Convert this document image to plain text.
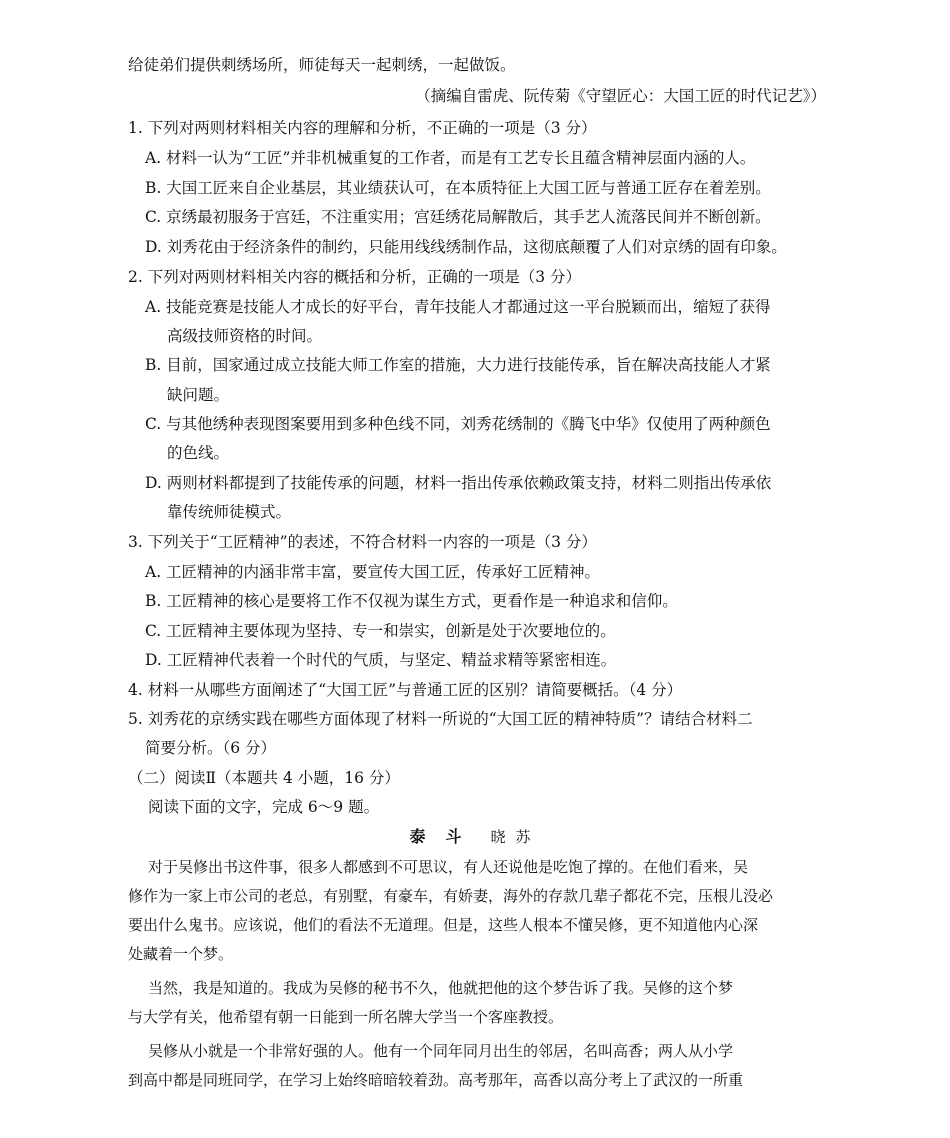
给徒弟们提供刺绣场所，师徒每天一起刺绣，一起做饭。
（摘编自雷虎、阮传菊《守望匠心：大国工匠的时代记艺》）
1. 下列对两则材料相关内容的理解和分析，不正确的一项是（3 分）
A. 材料一认为“工匠”并非机械重复的工作者，而是有工艺专长且蕴含精神层面内涵的人。
B. 大国工匠来自企业基层，其业绩获认可，在本质特征上大国工匠与普通工匠存在着差别。
C. 京绣最初服务于宫廷，不注重实用；宫廷绣花局解散后，其手艺人流落民间并不断创新。
D. 刘秀花由于经济条件的制约，只能用线线绣制作品，这彻底颠覆了人们对京绣的固有印象。
2. 下列对两则材料相关内容的概括和分析，正确的一项是（3 分）
A. 技能竞赛是技能人才成长的好平台，青年技能人才都通过这一平台脱颖而出，缩短了获得
高级技师资格的时间。
B. 目前，国家通过成立技能大师工作室的措施，大力进行技能传承，旨在解决高技能人才紧
缺问题。
C. 与其他绣种表现图案要用到多种色线不同，刘秀花绣制的《腾飞中华》仅使用了两种颜色
的色线。
D. 两则材料都提到了技能传承的问题，材料一指出传承依赖政策支持，材料二则指出传承依
靠传统师徒模式。
3. 下列关于“工匠精神”的表述，不符合材料一内容的一项是（3 分）
A. 工匠精神的内涵非常丰富，要宣传大国工匠，传承好工匠精神。
B. 工匠精神的核心是要将工作不仅视为谋生方式，更看作是一种追求和信仰。
C. 工匠精神主要体现为坚持、专一和崇实，创新是处于次要地位的。
D. 工匠精神代表着一个时代的气质，与坚定、精益求精等紧密相连。
4. 材料一从哪些方面阐述了“大国工匠”与普通工匠的区别？请简要概括。（4 分）
5. 刘秀花的京绣实践在哪些方面体现了材料一所说的“大国工匠的精神特质”？请结合材料二
简要分析。（6 分）
（二）阅读Ⅱ（本题共 4 小题，16 分）
阅读下面的文字，完成 6～9 题。
泰斗 晓苏
对于吴修出书这件事，很多人都感到不可思议，有人还说他是吃饱了撑的。在他们看来，吴
修作为一家上市公司的老总，有别墅，有豪车，有娇妻，海外的存款几辈子都花不完，压根儿没必
要出什么鬼书。应该说，他们的看法不无道理。但是，这些人根本不懂吴修，更不知道他内心深
处藏着一个梦。
当然，我是知道的。我成为吴修的秘书不久，他就把他的这个梦告诉了我。吴修的这个梦
与大学有关，他希望有朝一日能到一所名牌大学当一个客座教授。
吴修从小就是一个非常好强的人。他有一个同年同月出生的邻居，名叫高香；两人从小学
到高中都是同班同学，在学习上始终暗暗较着劲。高考那年，高香以高分考上了武汉的一所重
